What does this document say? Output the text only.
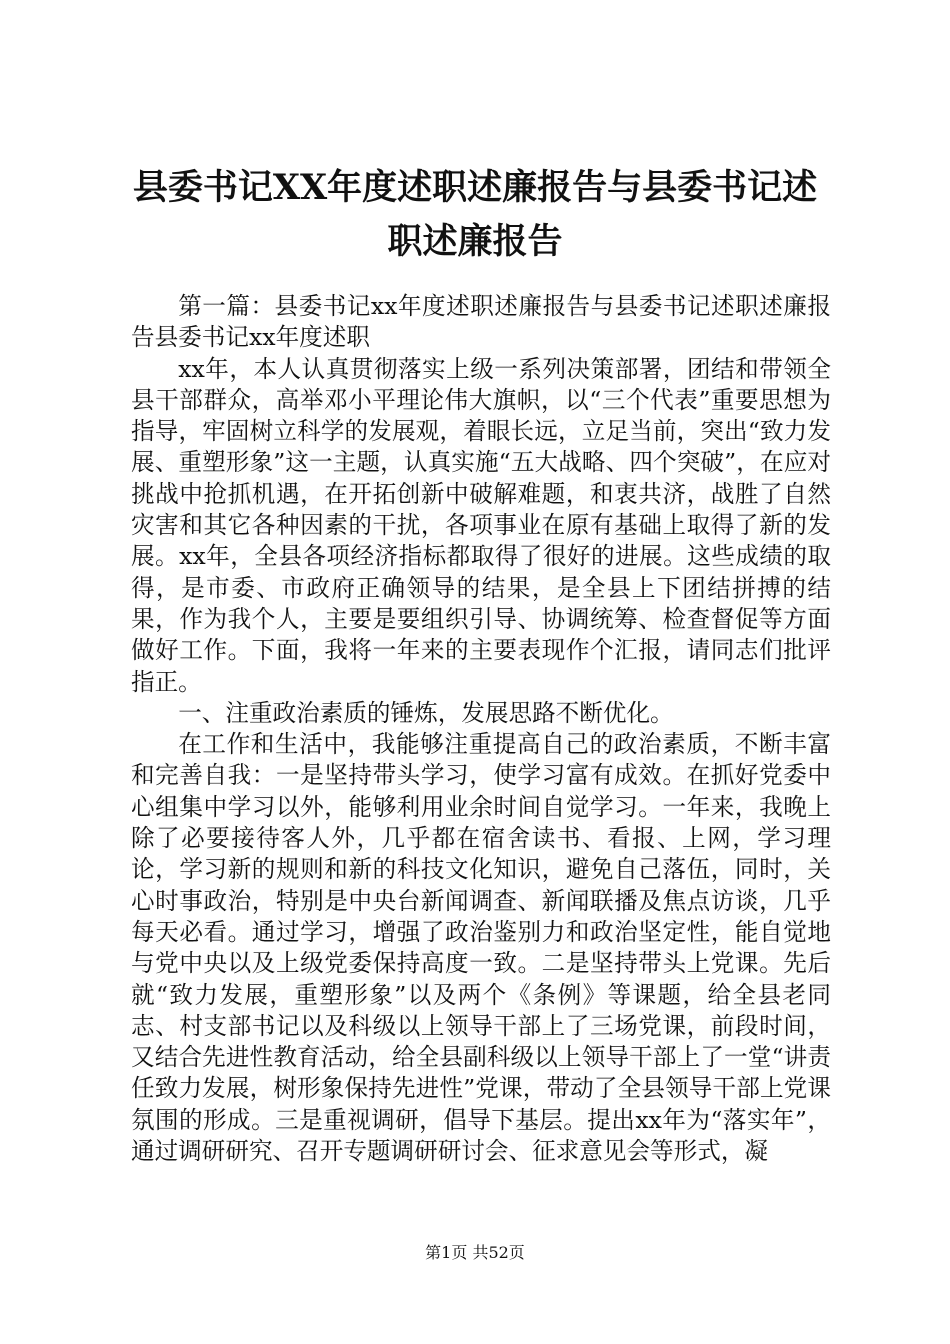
县委书记XX年度述职述廉报告与县委书记述
职述廉报告

第一篇：县委书记xx年度述职述廉报告与县委书记述职述廉报告县委书记xx年度述职

xx年，本人认真贯彻落实上级一系列决策部署，团结和带领全县干部群众，高举邓小平理论伟大旗帜，以“三个代表”重要思想为指导，牢固树立科学的发展观，着眼长远，立足当前，突出“致力发展、重塑形象”这一主题，认真实施“五大战略、四个突破”，在应对挑战中抢抓机遇，在开拓创新中破解难题，和衷共济，战胜了自然灾害和其它各种因素的干扰，各项事业在原有基础上取得了新的发展。xx年，全县各项经济指标都取得了很好的进展。这些成绩的取得，是市委、市政府正确领导的结果，是全县上下团结拼搏的结果，作为我个人，主要是要组织引导、协调统筹、检查督促等方面做好工作。下面，我将一年来的主要表现作个汇报，请同志们批评指正。

一、注重政治素质的锤炼，发展思路不断优化。

在工作和生活中，我能够注重提高自己的政治素质，不断丰富和完善自我：一是坚持带头学习，使学习富有成效。在抓好党委中心组集中学习以外，能够利用业余时间自觉学习。一年来，我晚上除了必要接待客人外，几乎都在宿舍读书、看报、上网，学习理论，学习新的规则和新的科技文化知识，避免自己落伍，同时，关心时事政治，特别是中央台新闻调查、新闻联播及焦点访谈，几乎每天必看。通过学习，增强了政治鉴别力和政治坚定性，能自觉地与党中央以及上级党委保持高度一致。二是坚持带头上党课。先后就“致力发展，重塑形象”以及两个《条例》等课题，给全县老同志、村支部书记以及科级以上领导干部上了三场党课，前段时间，又结合先进性教育活动，给全县副科级以上领导干部上了一堂“讲责任致力发展，树形象保持先进性”党课，带动了全县领导干部上党课氛围的形成。三是重视调研，倡导下基层。提出xx年为“落实年”，通过调研研究、召开专题调研研讨会、征求意见会等形式，凝

第1页 共52页
